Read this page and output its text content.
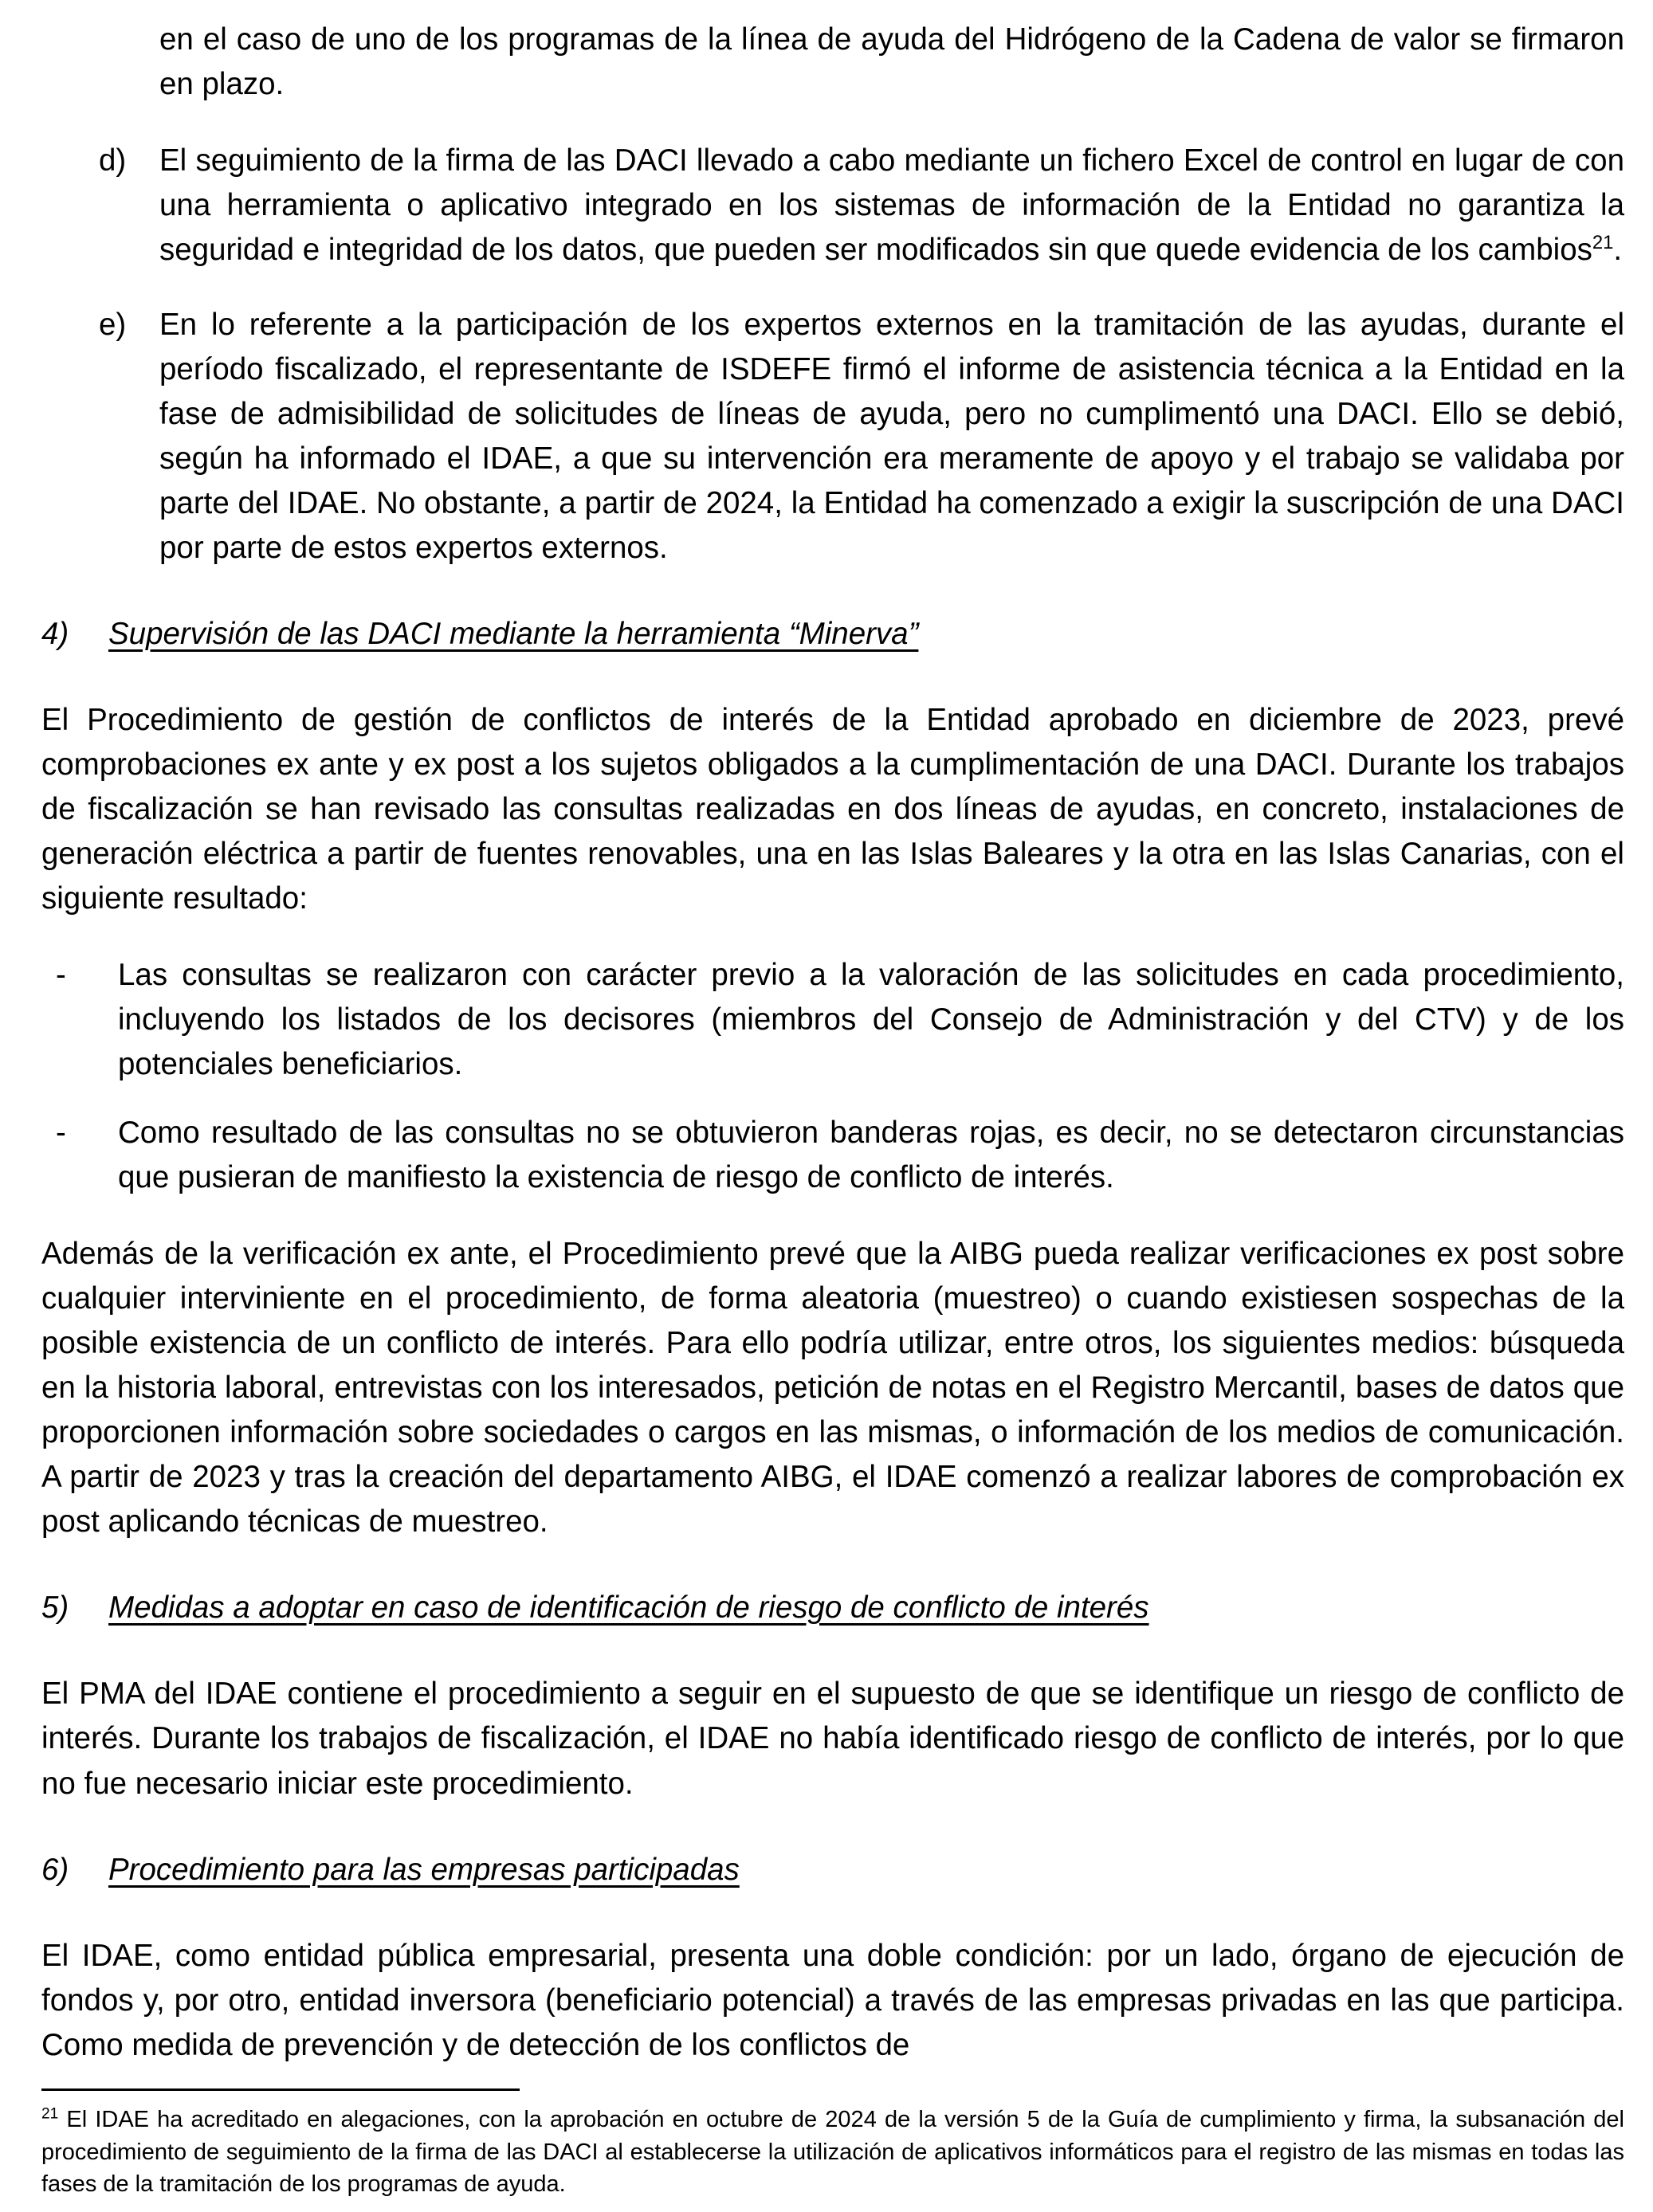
en el caso de uno de los programas de la línea de ayuda del Hidrógeno de la Cadena de valor se firmaron en plazo.
d)	El seguimiento de la firma de las DACI llevado a cabo mediante un fichero Excel de control en lugar de con una herramienta o aplicativo integrado en los sistemas de información de la Entidad no garantiza la seguridad e integridad de los datos, que pueden ser modificados sin que quede evidencia de los cambios$^{21}$.
e)	En lo referente a la participación de los expertos externos en la tramitación de las ayudas, durante el período fiscalizado, el representante de ISDEFE firmó el informe de asistencia técnica a la Entidad en la fase de admisibilidad de solicitudes de líneas de ayuda, pero no cumplimentó una DACI. Ello se debió, según ha informado el IDAE, a que su intervención era meramente de apoyo y el trabajo se validaba por parte del IDAE. No obstante, a partir de 2024, la Entidad ha comenzado a exigir la suscripción de una DACI por parte de estos expertos externos.
4) Supervisión de las DACI mediante la herramienta “Minerva”

El Procedimiento de gestión de conflictos de interés de la Entidad aprobado en diciembre de 2023, prevé comprobaciones ex ante y ex post a los sujetos obligados a la cumplimentación de una DACI. Durante los trabajos de fiscalización se han revisado las consultas realizadas en dos líneas de ayudas, en concreto, instalaciones de generación eléctrica a partir de fuentes renovables, una en las Islas Baleares y la otra en las Islas Canarias, con el siguiente resultado:

-	Las consultas se realizaron con carácter previo a la valoración de las solicitudes en cada procedimiento, incluyendo los listados de los decisores (miembros del Consejo de Administración y del CTV) y de los potenciales beneficiarios.
-	Como resultado de las consultas no se obtuvieron banderas rojas, es decir, no se detectaron circunstancias que pusieran de manifiesto la existencia de riesgo de conflicto de interés.

Además de la verificación ex ante, el Procedimiento prevé que la AIBG pueda realizar verificaciones ex post sobre cualquier interviniente en el procedimiento, de forma aleatoria (muestreo) o cuando existiesen sospechas de la posible existencia de un conflicto de interés. Para ello podría utilizar, entre otros, los siguientes medios: búsqueda en la historia laboral, entrevistas con los interesados, petición de notas en el Registro Mercantil, bases de datos que proporcionen información sobre sociedades o cargos en las mismas, o información de los medios de comunicación. A partir de 2023 y tras la creación del departamento AIBG, el IDAE comenzó a realizar labores de comprobación ex post aplicando técnicas de muestreo.

5) Medidas a adoptar en caso de identificación de riesgo de conflicto de interés

El PMA del IDAE contiene el procedimiento a seguir en el supuesto de que se identifique un riesgo de conflicto de interés. Durante los trabajos de fiscalización, el IDAE no había identificado riesgo de conflicto de interés, por lo que no fue necesario iniciar este procedimiento.

6) Procedimiento para las empresas participadas

El IDAE, como entidad pública empresarial, presenta una doble condición: por un lado, órgano de ejecución de fondos y, por otro, entidad inversora (beneficiario potencial) a través de las empresas privadas en las que participa. Como medida de prevención y de detección de los conflictos de

$^{21}$ El IDAE ha acreditado en alegaciones, con la aprobación en octubre de 2024 de la versión 5 de la Guía de cumplimiento y firma, la subsanación del procedimiento de seguimiento de la firma de las DACI al establecerse la utilización de aplicativos informáticos para el registro de las mismas en todas las fases de la tramitación de los programas de ayuda.
